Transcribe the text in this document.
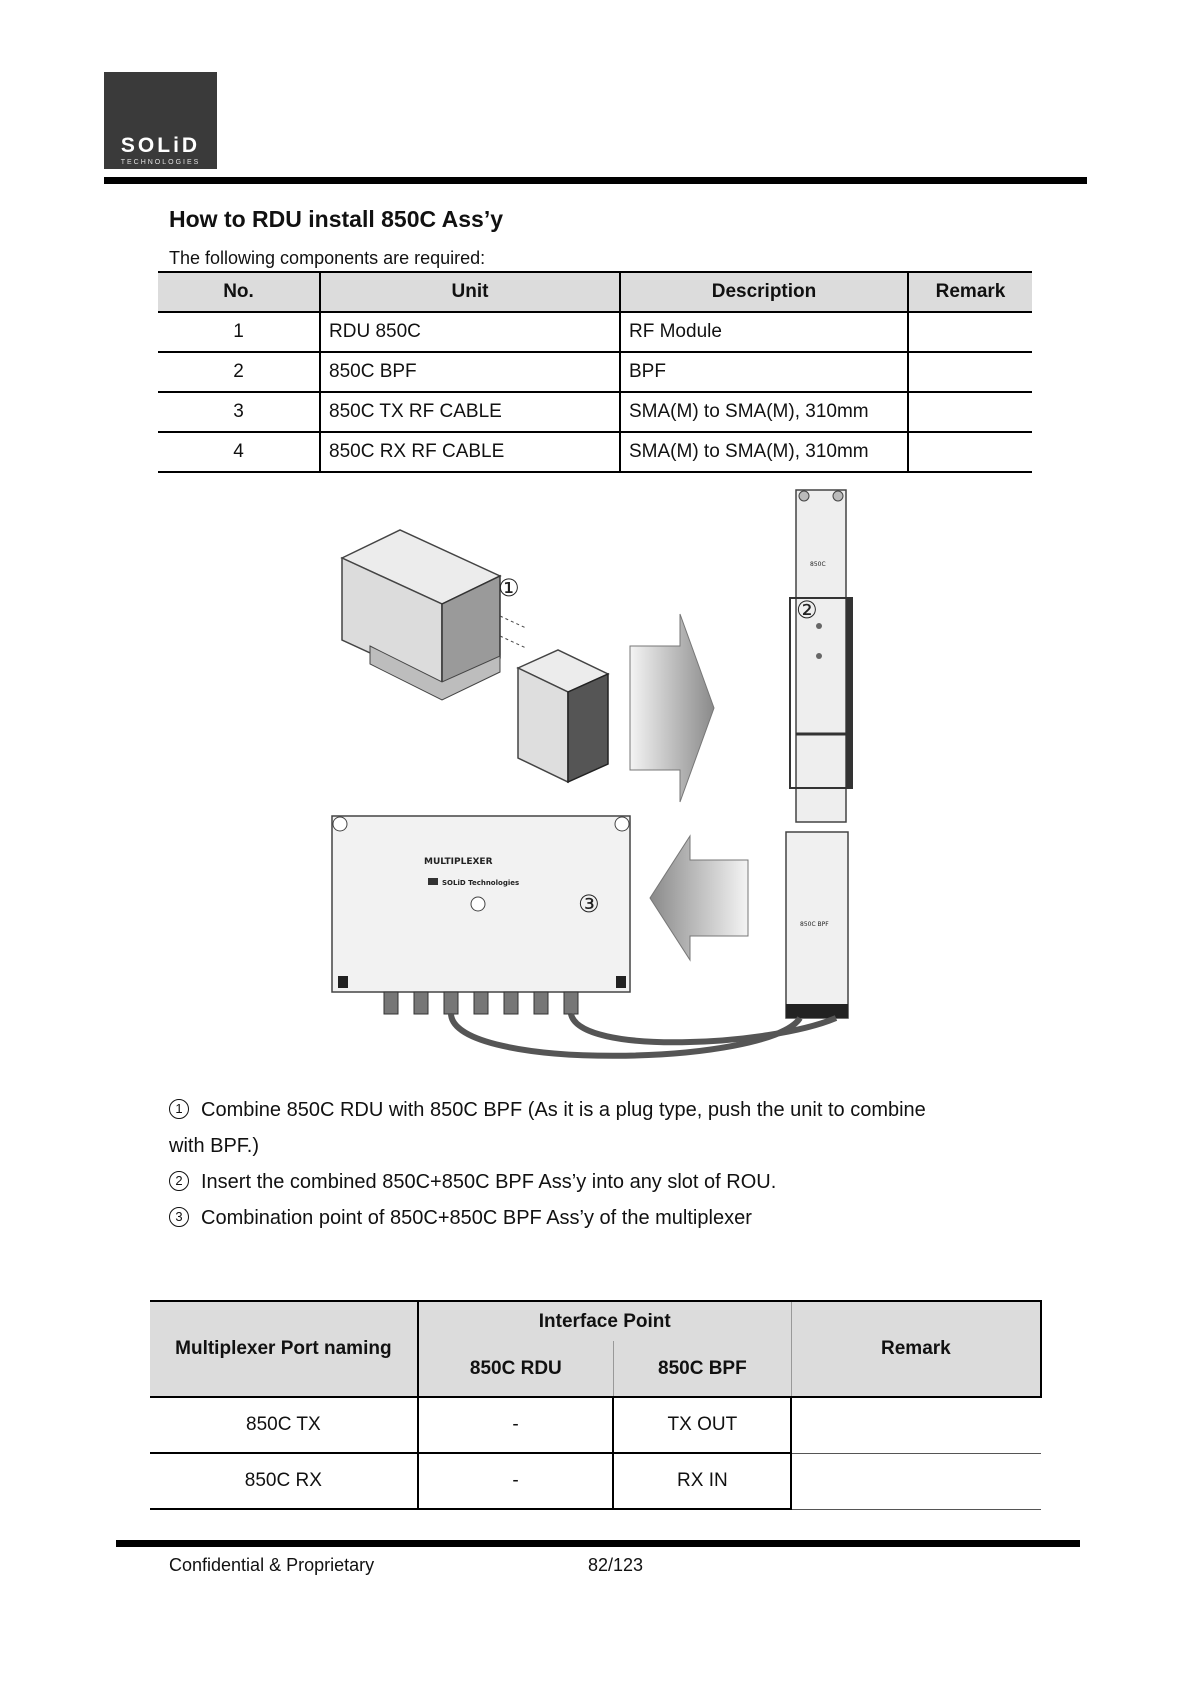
SOLiD
TECHNOLOGIES
How to RDU install 850C Ass’y
The following components are required:
No.	Unit	Description	Remark
1	RDU 850C	RF Module	
2	850C BPF	BPF	
3	850C TX RF CABLE	SMA(M) to SMA(M), 310mm	
4	850C RX RF CABLE	SMA(M) to SMA(M), 310mm	
①
②
850C BPF
850C
MULTIPLEXER
SOLiD Technologies
③
1 Combine 850C RDU with 850C BPF (As it is a plug type, push the unit to combine
with BPF.)
2 Insert the combined 850C+850C BPF Ass’y into any slot of ROU.
3 Combination point of 850C+850C BPF Ass’y of the multiplexer
Multiplexer Port naming	Interface Point		Remark
	850C RDU	850C BPF	
850C TX	-	TX OUT	
850C RX	-	RX IN	
Confidential & Proprietary	82/123
